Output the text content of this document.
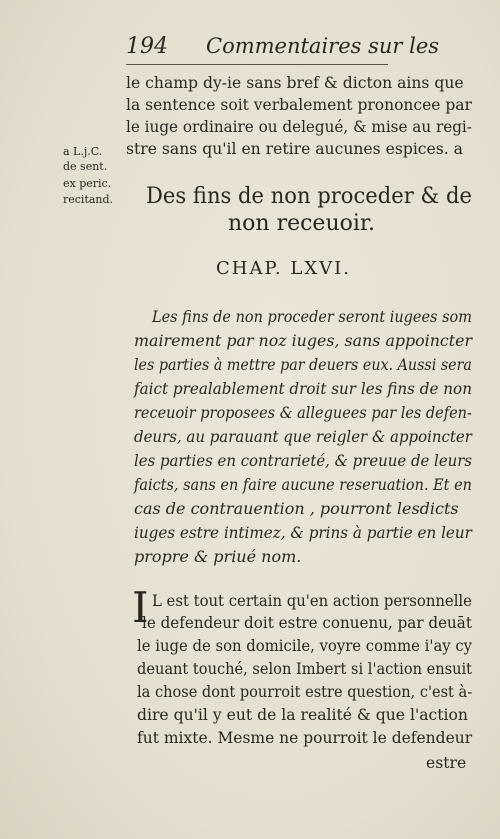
194 Commentaires sur les
le champ dy-ie sans bref & dicton ains que
la sentence soit verbalement prononcee par
le iuge ordinaire ou delegué, & mise au regi-
stre sans qu'il en retire aucunes espices. a
a L.j.C.
de sent.
ex peric.
recitand. Des fins de non proceder & de
non receuoir.
CHAP. LXVI.
Les fins de non proceder seront iugees som
mairement par noz iuges, sans appoincter
les parties à mettre par deuers eux. Aussi sera
faict prealablement droit sur les fins de non
receuoir proposees & alleguees par les defen-
deurs, au parauant que reigler & appoincter
les parties en contrarieté, & preuue de leurs
faicts, sans en faire aucune reseruation. Et en
cas de contrauention , pourront lesdicts
iuges estre intimez, & prins à partie en leur
propre & priué nom.
I L est tout certain qu'en action personnelle
le defendeur doit estre conuenu, par deuāt
le iuge de son domicile, voyre comme i'ay cy
deuant touché, selon Imbert si l'action ensuit
la chose dont pourroit estre question, c'est à-
dire qu'il y eut de la realité & que l'action
fut mixte. Mesme ne pourroit le defendeur
estre
